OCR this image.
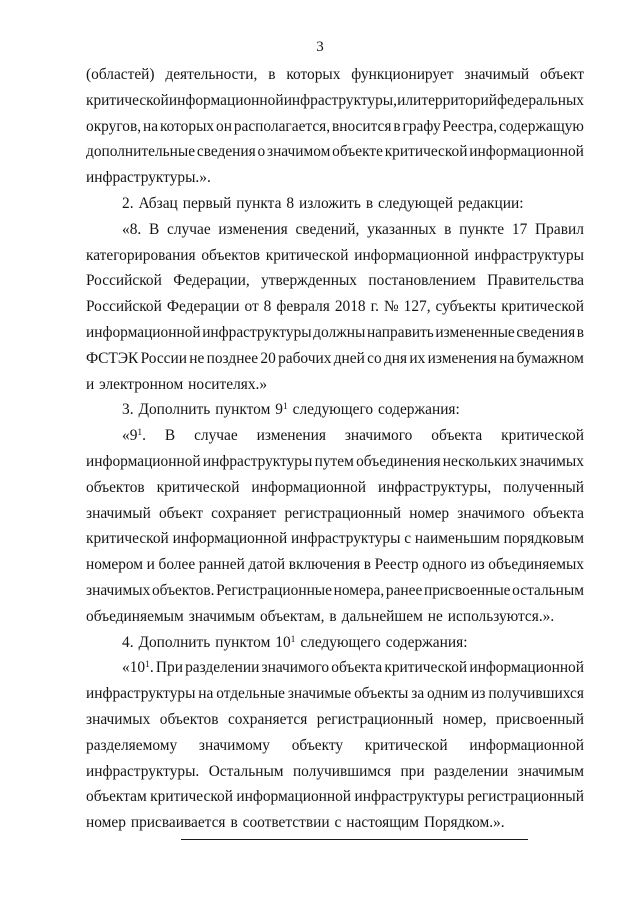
3
(областей) деятельности, в которых функционирует значимый объект
критической информационной инфраструктуры, или территорий федеральных
округов, на которых он располагается, вносится в графу Реестра, содержащую
дополнительные сведения о значимом объекте критической информационной
инфраструктуры.».
2. Абзац первый пункта 8 изложить в следующей редакции:
«8. В случае изменения сведений, указанных в пункте 17 Правил
категорирования объектов критической информационной инфраструктуры
Российской Федерации, утвержденных постановлением Правительства
Российской Федерации от 8 февраля 2018 г. № 127, субъекты критической
информационной инфраструктуры должны направить измененные сведения в
ФСТЭК России не позднее 20 рабочих дней со дня их изменения на бумажном
и электронном носителях.»
3. Дополнить пунктом $9^1$ следующего содержания:
«$9^1$. В случае изменения значимого объекта критической
информационной инфраструктуры путем объединения нескольких значимых
объектов критической информационной инфраструктуры, полученный
значимый объект сохраняет регистрационный номер значимого объекта
критической информационной инфраструктуры с наименьшим порядковым
номером и более ранней датой включения в Реестр одного из объединяемых
значимых объектов. Регистрационные номера, ранее присвоенные остальным
объединяемым значимым объектам, в дальнейшем не используются.».
4. Дополнить пунктом $10^1$ следующего содержания:
«$10^1$. При разделении значимого объекта критической информационной
инфраструктуры на отдельные значимые объекты за одним из получившихся
значимых объектов сохраняется регистрационный номер, присвоенный
разделяемому значимому объекту критической информационной
инфраструктуры. Остальным получившимся при разделении значимым
объектам критической информационной инфраструктуры регистрационный
номер присваивается в соответствии с настоящим Порядком.».
